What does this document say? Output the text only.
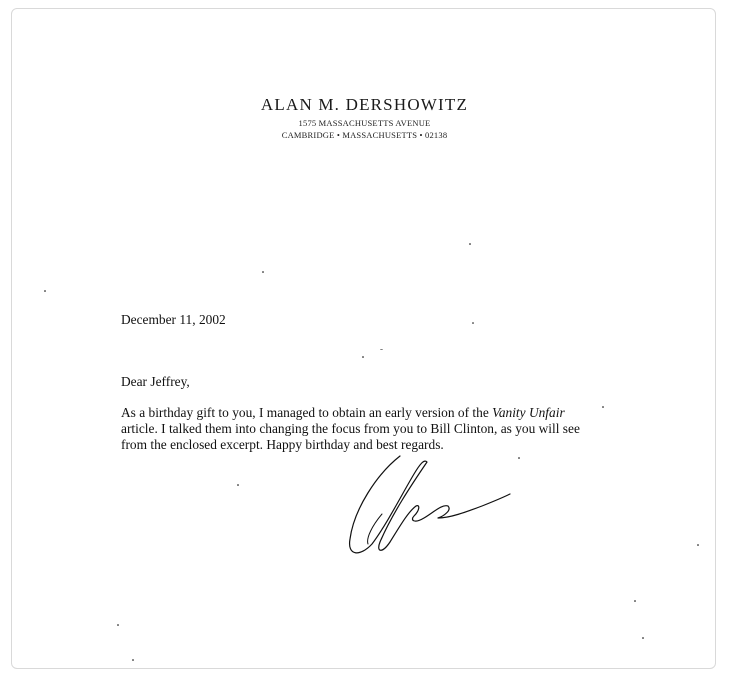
ALAN M. DERSHOWITZ
1575 MASSACHUSETTS AVENUE
CAMBRIDGE • MASSACHUSETTS • 02138
December 11, 2002
Dear Jeffrey,
As a birthday gift to you, I managed to obtain an early version of the Vanity Unfair
article. I talked them into changing the focus from you to Bill Clinton, as you will see
from the enclosed excerpt. Happy birthday and best regards.
